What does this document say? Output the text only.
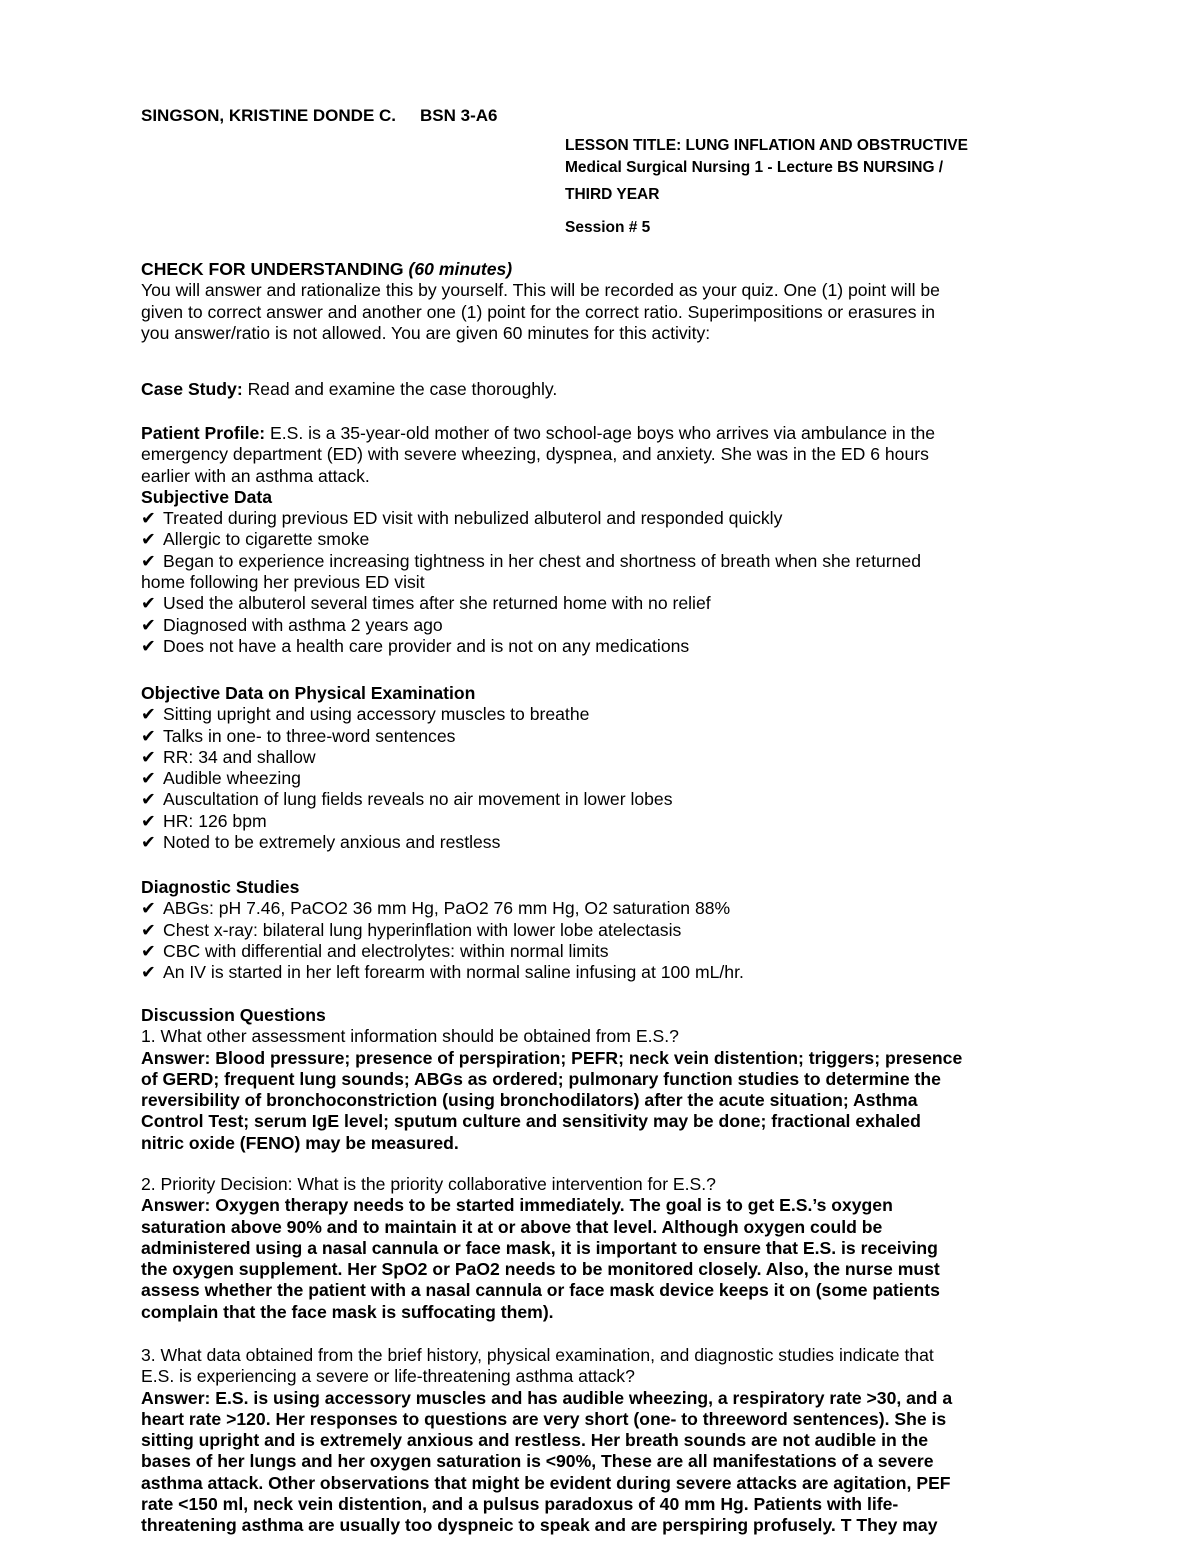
SINGSON, KRISTINE DONDE C. BSN 3-A6
LESSON TITLE: LUNG INFLATION AND OBSTRUCTIVE
Medical Surgical Nursing 1 - Lecture BS NURSING /
THIRD YEAR
Session # 5
CHECK FOR UNDERSTANDING (60 minutes)
You will answer and rationalize this by yourself. This will be recorded as your quiz. One (1) point will be
given to correct answer and another one (1) point for the correct ratio. Superimpositions or erasures in
you answer/ratio is not allowed. You are given 60 minutes for this activity:
Case Study: Read and examine the case thoroughly.
Patient Profile: E.S. is a 35-year-old mother of two school-age boys who arrives via ambulance in the
emergency department (ED) with severe wheezing, dyspnea, and anxiety. She was in the ED 6 hours
earlier with an asthma attack.
Subjective Data
✔ Treated during previous ED visit with nebulized albuterol and responded quickly
✔ Allergic to cigarette smoke
✔ Began to experience increasing tightness in her chest and shortness of breath when she returned
home following her previous ED visit
✔ Used the albuterol several times after she returned home with no relief
✔ Diagnosed with asthma 2 years ago
✔ Does not have a health care provider and is not on any medications
Objective Data on Physical Examination
✔ Sitting upright and using accessory muscles to breathe
✔ Talks in one- to three-word sentences
✔ RR: 34 and shallow
✔ Audible wheezing
✔ Auscultation of lung fields reveals no air movement in lower lobes
✔ HR: 126 bpm
✔ Noted to be extremely anxious and restless
Diagnostic Studies
✔ ABGs: pH 7.46, PaCO2 36 mm Hg, PaO2 76 mm Hg, O2 saturation 88%
✔ Chest x-ray: bilateral lung hyperinflation with lower lobe atelectasis
✔ CBC with differential and electrolytes: within normal limits
✔ An IV is started in her left forearm with normal saline infusing at 100 mL/hr.
Discussion Questions
1. What other assessment information should be obtained from E.S.?
Answer: Blood pressure; presence of perspiration; PEFR; neck vein distention; triggers; presence
of GERD; frequent lung sounds; ABGs as ordered; pulmonary function studies to determine the
reversibility of bronchoconstriction (using bronchodilators) after the acute situation; Asthma
Control Test; serum IgE level; sputum culture and sensitivity may be done; fractional exhaled
nitric oxide (FENO) may be measured.
2. Priority Decision: What is the priority collaborative intervention for E.S.?
Answer: Oxygen therapy needs to be started immediately. The goal is to get E.S.’s oxygen
saturation above 90% and to maintain it at or above that level. Although oxygen could be
administered using a nasal cannula or face mask, it is important to ensure that E.S. is receiving
the oxygen supplement. Her SpO2 or PaO2 needs to be monitored closely. Also, the nurse must
assess whether the patient with a nasal cannula or face mask device keeps it on (some patients
complain that the face mask is suffocating them).
3. What data obtained from the brief history, physical examination, and diagnostic studies indicate that
E.S. is experiencing a severe or life-threatening asthma attack?
Answer: E.S. is using accessory muscles and has audible wheezing, a respiratory rate >30, and a
heart rate >120. Her responses to questions are very short (one- to threeword sentences). She is
sitting upright and is extremely anxious and restless. Her breath sounds are not audible in the
bases of her lungs and her oxygen saturation is <90%, These are all manifestations of a severe
asthma attack. Other observations that might be evident during severe attacks are agitation, PEF
rate <150 ml, neck vein distention, and a pulsus paradoxus of 40 mm Hg. Patients with life-
threatening asthma are usually too dyspneic to speak and are perspiring profusely. T They may
